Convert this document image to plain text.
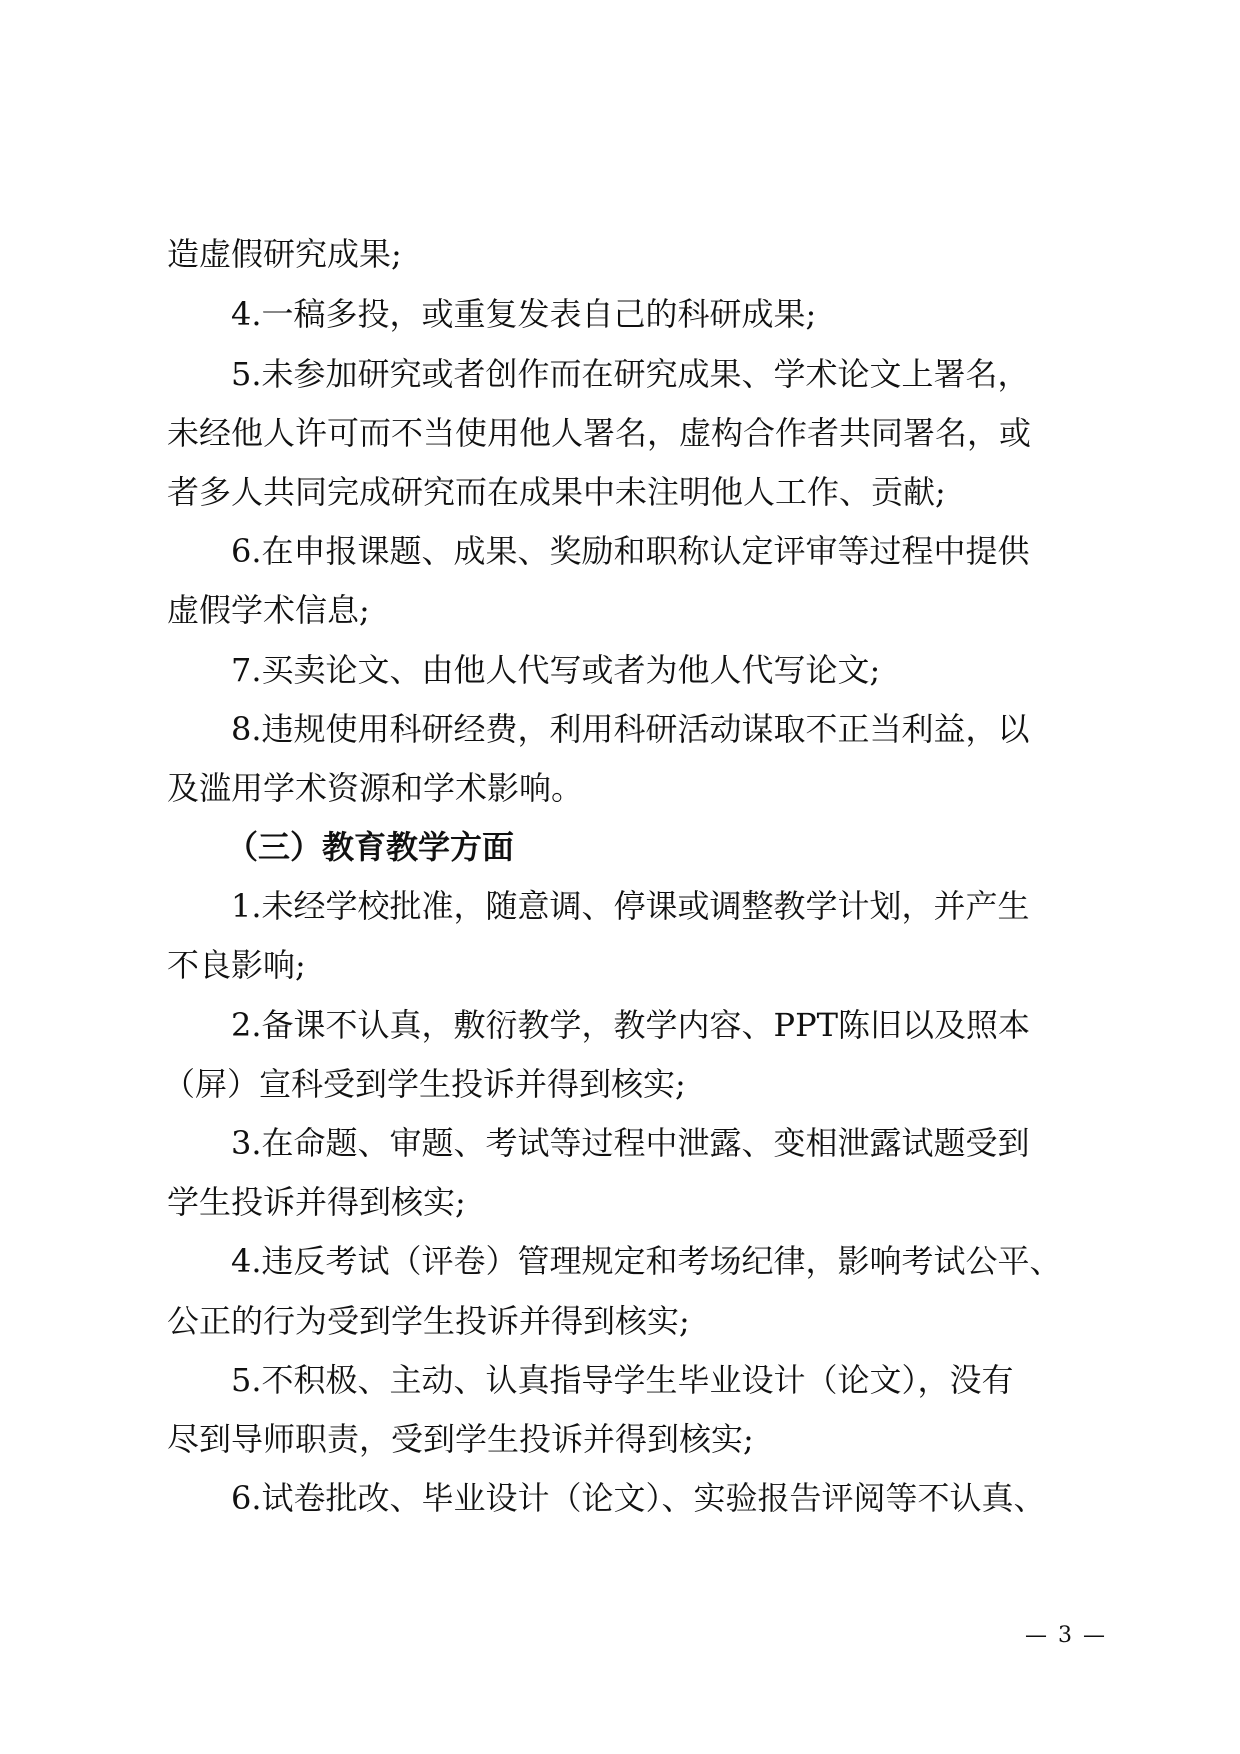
造虚假研究成果;
4.一稿多投，或重复发表自己的科研成果;
5.未参加研究或者创作而在研究成果、学术论文上署名，
未经他人许可而不当使用他人署名，虚构合作者共同署名，或
者多人共同完成研究而在成果中未注明他人工作、贡献;
6.在申报课题、成果、奖励和职称认定评审等过程中提供
虚假学术信息;
7.买卖论文、由他人代写或者为他人代写论文;
8.违规使用科研经费，利用科研活动谋取不正当利益，以
及滥用学术资源和学术影响。
（三）教育教学方面
1.未经学校批准，随意调、停课或调整教学计划，并产生
不良影响;
2.备课不认真，敷衍教学，教学内容、PPT陈旧以及照本
（屏）宣科受到学生投诉并得到核实;
3.在命题、审题、考试等过程中泄露、变相泄露试题受到
学生投诉并得到核实;
4.违反考试（评卷）管理规定和考场纪律，影响考试公平、
公正的行为受到学生投诉并得到核实;
5.不积极、主动、认真指导学生毕业设计（论文），没有
尽到导师职责，受到学生投诉并得到核实;
6.试卷批改、毕业设计（论文）、实验报告评阅等不认真、
— 3 —
